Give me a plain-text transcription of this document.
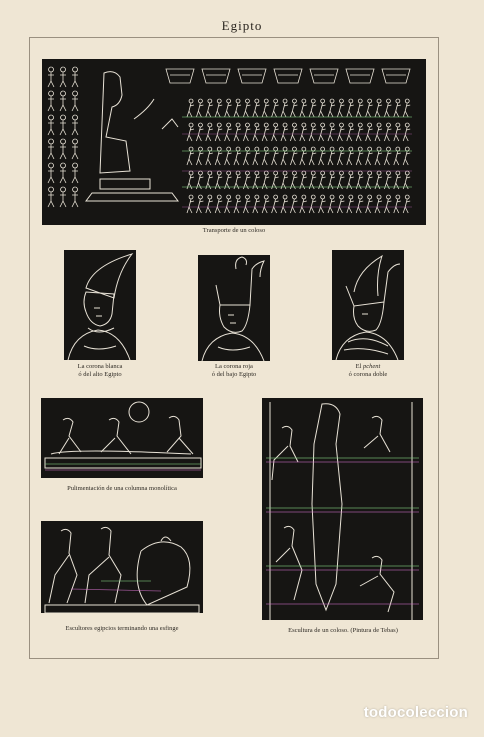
Egipto
Transporte de un coloso
La corona blanca
ó del alto Egipto
La corona roja
ó del bajo Egipto
El pchent
ó corona doble
Pulimentación de una columna monolítica
Escultores egipcios terminando una esfinge	Escultura de un coloso. (Pintura de Tebas)
todocoleccion
